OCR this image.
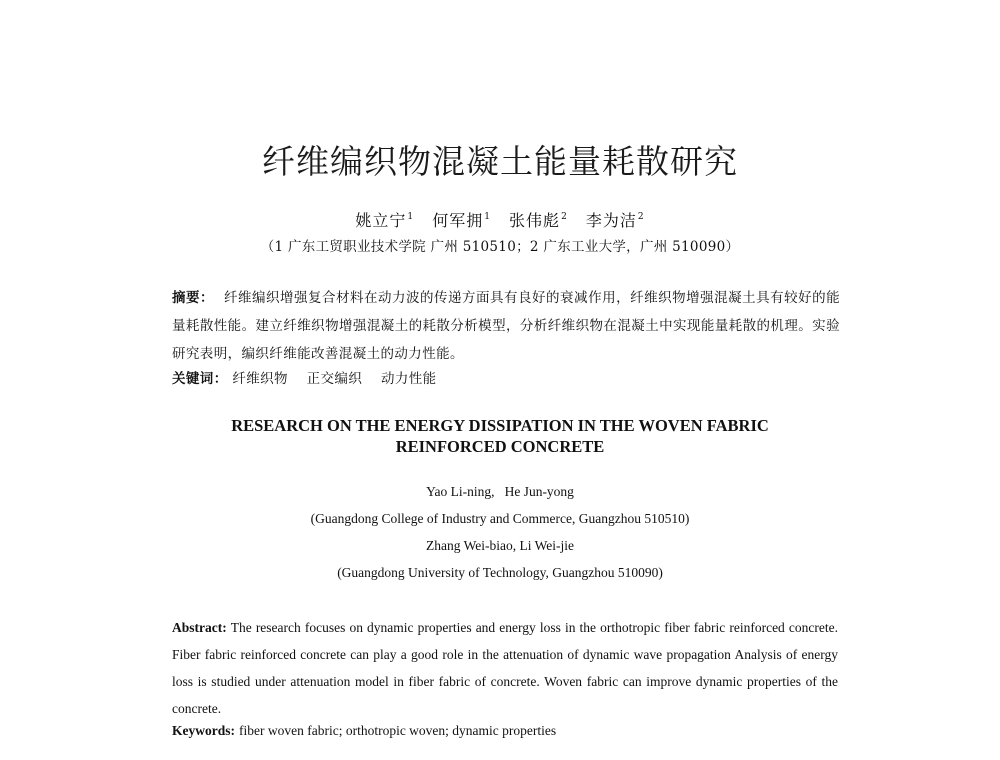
纤维编织物混凝土能量耗散研究
姚立宁$^1$ 何军拥$^1$ 张伟彪$^2$ 李为洁$^2$
（1 广东工贸职业技术学院 广州 510510；2 广东工业大学，广州 510090）
摘要： 纤维编织增强复合材料在动力波的传递方面具有良好的衰减作用，纤维织物增强混凝土具有较好的能量耗散性能。建立纤维织物增强混凝土的耗散分析模型，分析纤维织物在混凝土中实现能量耗散的机理。实验研究表明，编织纤维能改善混凝土的动力性能。
关键词： 纤维织物 正交编织 动力性能
RESEARCH ON THE ENERGY DISSIPATION IN THE WOVEN FABRIC
REINFORCED CONCRETE
Yao Li-ning,   He Jun-yong
(Guangdong College of Industry and Commerce, Guangzhou 510510)
Zhang Wei-biao, Li Wei-jie
(Guangdong University of Technology, Guangzhou 510090)
Abstract: The research focuses on dynamic properties and energy loss in the orthotropic fiber fabric reinforced concrete. Fiber fabric reinforced concrete can play a good role in the attenuation of dynamic wave propagation Analysis of energy loss is studied under attenuation model in fiber fabric of concrete. Woven fabric can improve dynamic properties of the concrete.
Keywords: fiber woven fabric; orthotropic woven; dynamic properties
